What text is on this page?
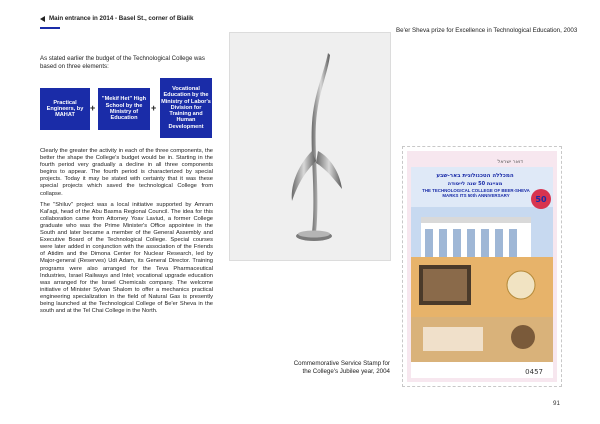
Main entrance in 2014 - Basel St., corner of Bialik
As stated earlier the budget of the Technological College was based on three elements:
Practical Engineers, by MAHAT
+
"Mekif Het" High School by the Ministry of Education
+
Vocational Education by the Ministry of Labor's Division for Training and Human Development

Clearly the greater the activity in each of the three components, the better the shape the College's budget would be in. Starting in the fourth period very gradually a decline in all three components begins to appear. The fourth period is characterized by special projects. Today it may be stated with certainty that it was these special projects which saved the technological College from collapse.

The "Shiluv" project was a local initiative supported by Amram Kal'agi, head of the Abu Basma Regional Council. The idea for this collaboration came from Attorney Yoav Laviud, a former College graduate who was the Prime Minister's Office appointee in the South and later became a member of the General Assembly and Executive Board of the Technological College. Special courses were later added in conjunction with the association of the Friends of Atidim and the Dimona Center for Nuclear Research, led by Major-general (Reserves) Udi Adam, its General Director. Training programs were also arranged for the Teva Pharmaceutical Industries, Israel Railways and Intel; vocational upgrade education was arranged for the Israel Chemicals company. The welcome initiative of Minister Sylvan Shalom to offer a mechanics practical engineering specialization in the field of Natural Gas is presently being launched at the Technological College of Be'er Sheva in the south and at the Tel Chai College in the North.

Be'er Sheva prize for Excellence in Technological Education, 2003
דואר ישראל
המכללה הטכנולוגית באר-שבע
מציינת 50 שנה לייסודה
THE TECHNOLOGICAL COLLEGE OF BEER-SHEVA MARKS ITS 50th ANNIVERSARY	50
0457
Commemorative Service Stamp for the College's Jubilee year, 2004
91
